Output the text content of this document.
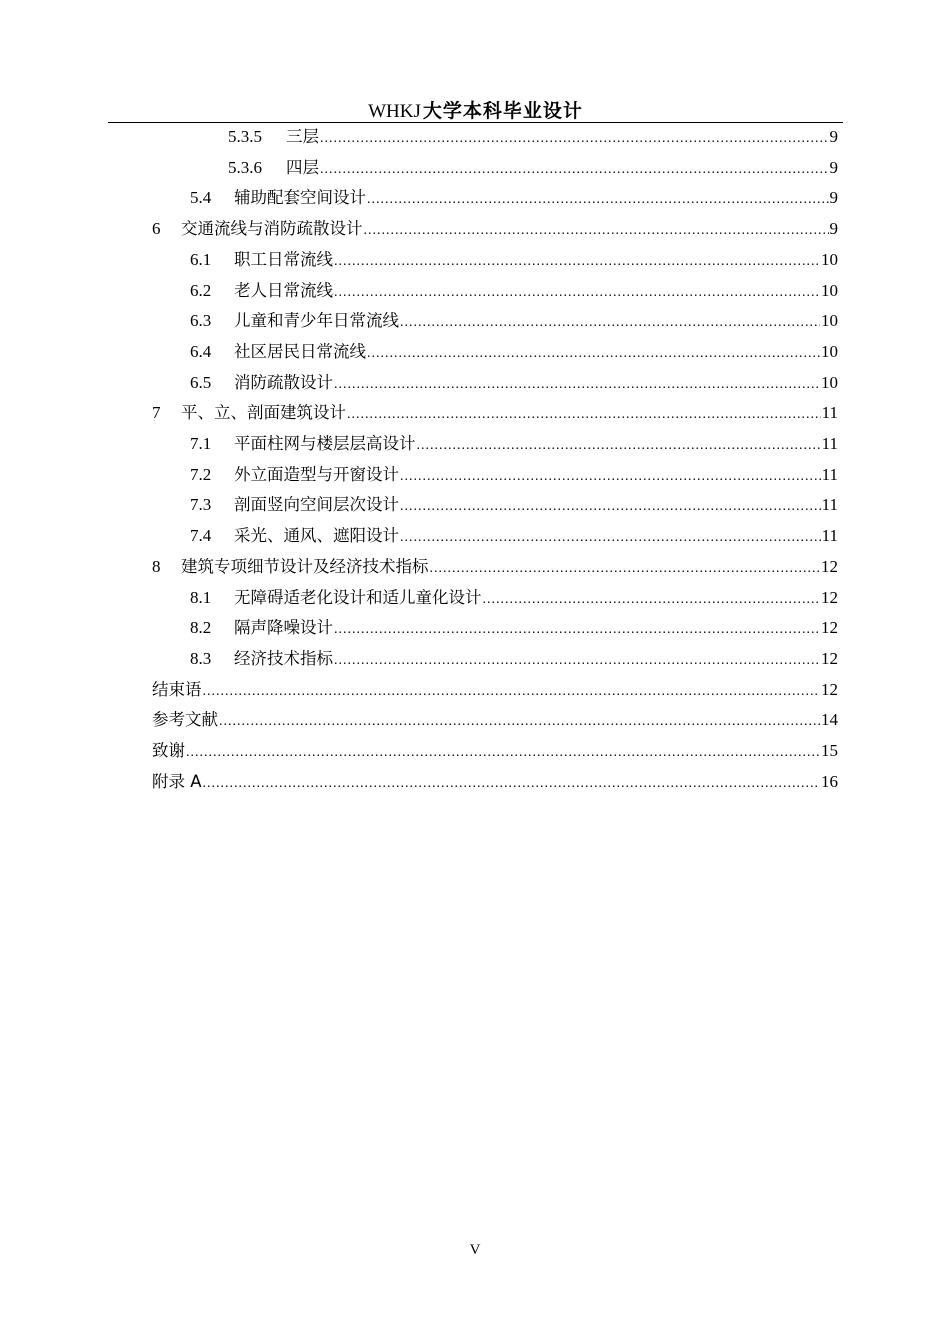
WHKJ 大学本科毕业设计
5.3.5	三层 .....	9
5.3.6	四层 .....	9
5.4	辅助配套空间设计 .....	9
6	交通流线与消防疏散设计 .....	9
6.1	职工日常流线 .....	10
6.2	老人日常流线 .....	10
6.3	儿童和青少年日常流线 .....	10
6.4	社区居民日常流线 .....	10
6.5	消防疏散设计 .....	10
7	平、立、剖面建筑设计 .....	11
7.1	平面柱网与楼层层高设计 .....	11
7.2	外立面造型与开窗设计 .....	11
7.3	剖面竖向空间层次设计 .....	11
7.4	采光、通风、遮阳设计 .....	11
8	建筑专项细节设计及经济技术指标 .....	12
8.1	无障碍适老化设计和适儿童化设计 .....	12
8.2	隔声降噪设计 .....	12
8.3	经济技术指标 .....	12
结束语 .....	12
参考文献 .....	14
致谢 .....	15
附录 A .....	16
V
